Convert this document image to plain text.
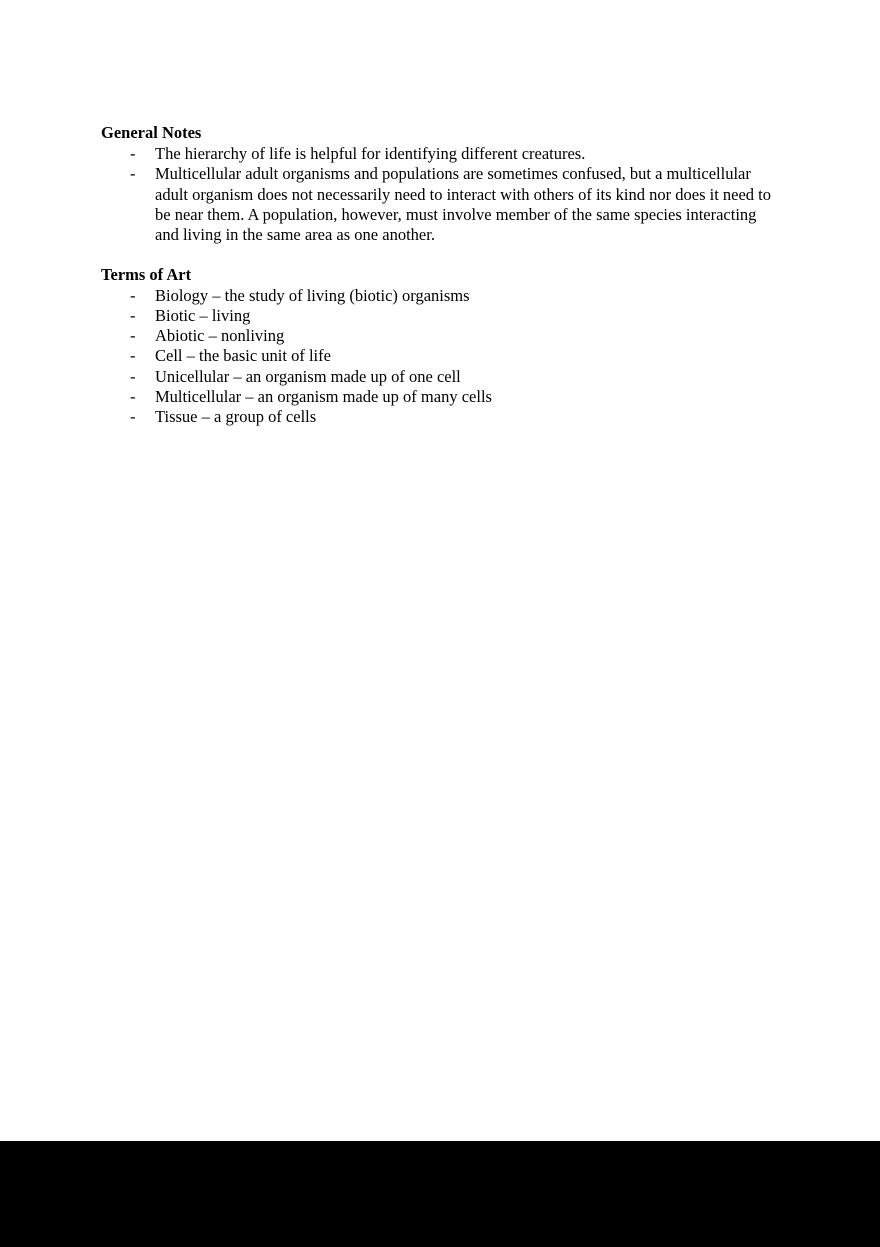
General Notes
- The hierarchy of life is helpful for identifying different creatures.
- Multicellular adult organisms and populations are sometimes confused, but a multicellular adult organism does not necessarily need to interact with others of its kind nor does it need to be near them. A population, however, must involve member of the same species interacting and living in the same area as one another.
Terms of Art
- Biology – the study of living (biotic) organisms
- Biotic – living
- Abiotic – nonliving
- Cell – the basic unit of life
- Unicellular – an organism made up of one cell
- Multicellular – an organism made up of many cells
- Tissue – a group of cells
